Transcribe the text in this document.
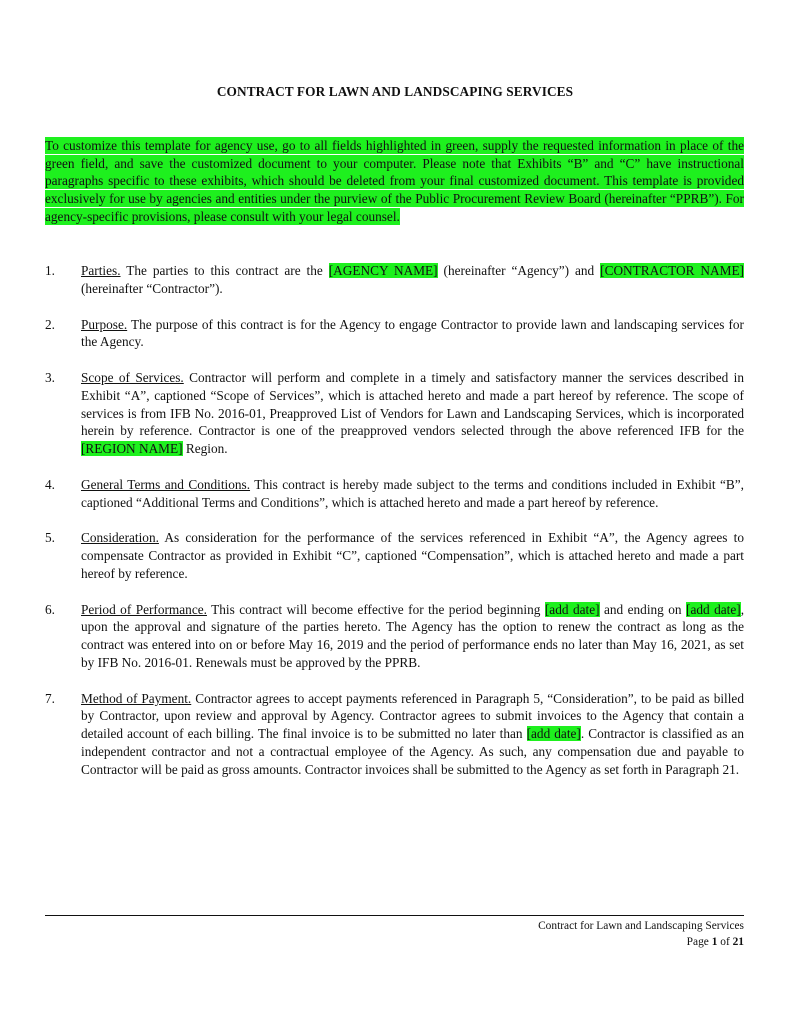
CONTRACT FOR LAWN AND LANDSCAPING SERVICES
To customize this template for agency use, go to all fields highlighted in green, supply the requested information in place of the green field, and save the customized document to your computer. Please note that Exhibits “B” and “C” have instructional paragraphs specific to these exhibits, which should be deleted from your final customized document. This template is provided exclusively for use by agencies and entities under the purview of the Public Procurement Review Board (hereinafter “PPRB”). For agency-specific provisions, please consult with your legal counsel.
1. Parties. The parties to this contract are the [AGENCY NAME] (hereinafter “Agency”) and [CONTRACTOR NAME] (hereinafter “Contractor”).
2. Purpose. The purpose of this contract is for the Agency to engage Contractor to provide lawn and landscaping services for the Agency.
3. Scope of Services. Contractor will perform and complete in a timely and satisfactory manner the services described in Exhibit “A”, captioned “Scope of Services”, which is attached hereto and made a part hereof by reference. The scope of services is from IFB No. 2016-01, Preapproved List of Vendors for Lawn and Landscaping Services, which is incorporated herein by reference. Contractor is one of the preapproved vendors selected through the above referenced IFB for the [REGION NAME] Region.
4. General Terms and Conditions. This contract is hereby made subject to the terms and conditions included in Exhibit “B”, captioned “Additional Terms and Conditions”, which is attached hereto and made a part hereof by reference.
5. Consideration. As consideration for the performance of the services referenced in Exhibit “A”, the Agency agrees to compensate Contractor as provided in Exhibit “C”, captioned “Compensation”, which is attached hereto and made a part hereof by reference.
6. Period of Performance. This contract will become effective for the period beginning [add date] and ending on [add date], upon the approval and signature of the parties hereto. The Agency has the option to renew the contract as long as the contract was entered into on or before May 16, 2019 and the period of performance ends no later than May 16, 2021, as set by IFB No. 2016-01. Renewals must be approved by the PPRB.
7. Method of Payment. Contractor agrees to accept payments referenced in Paragraph 5, “Consideration”, to be paid as billed by Contractor, upon review and approval by Agency. Contractor agrees to submit invoices to the Agency that contain a detailed account of each billing. The final invoice is to be submitted no later than [add date]. Contractor is classified as an independent contractor and not a contractual employee of the Agency. As such, any compensation due and payable to Contractor will be paid as gross amounts. Contractor invoices shall be submitted to the Agency as set forth in Paragraph 21.
Contract for Lawn and Landscaping Services
Page 1 of 21
